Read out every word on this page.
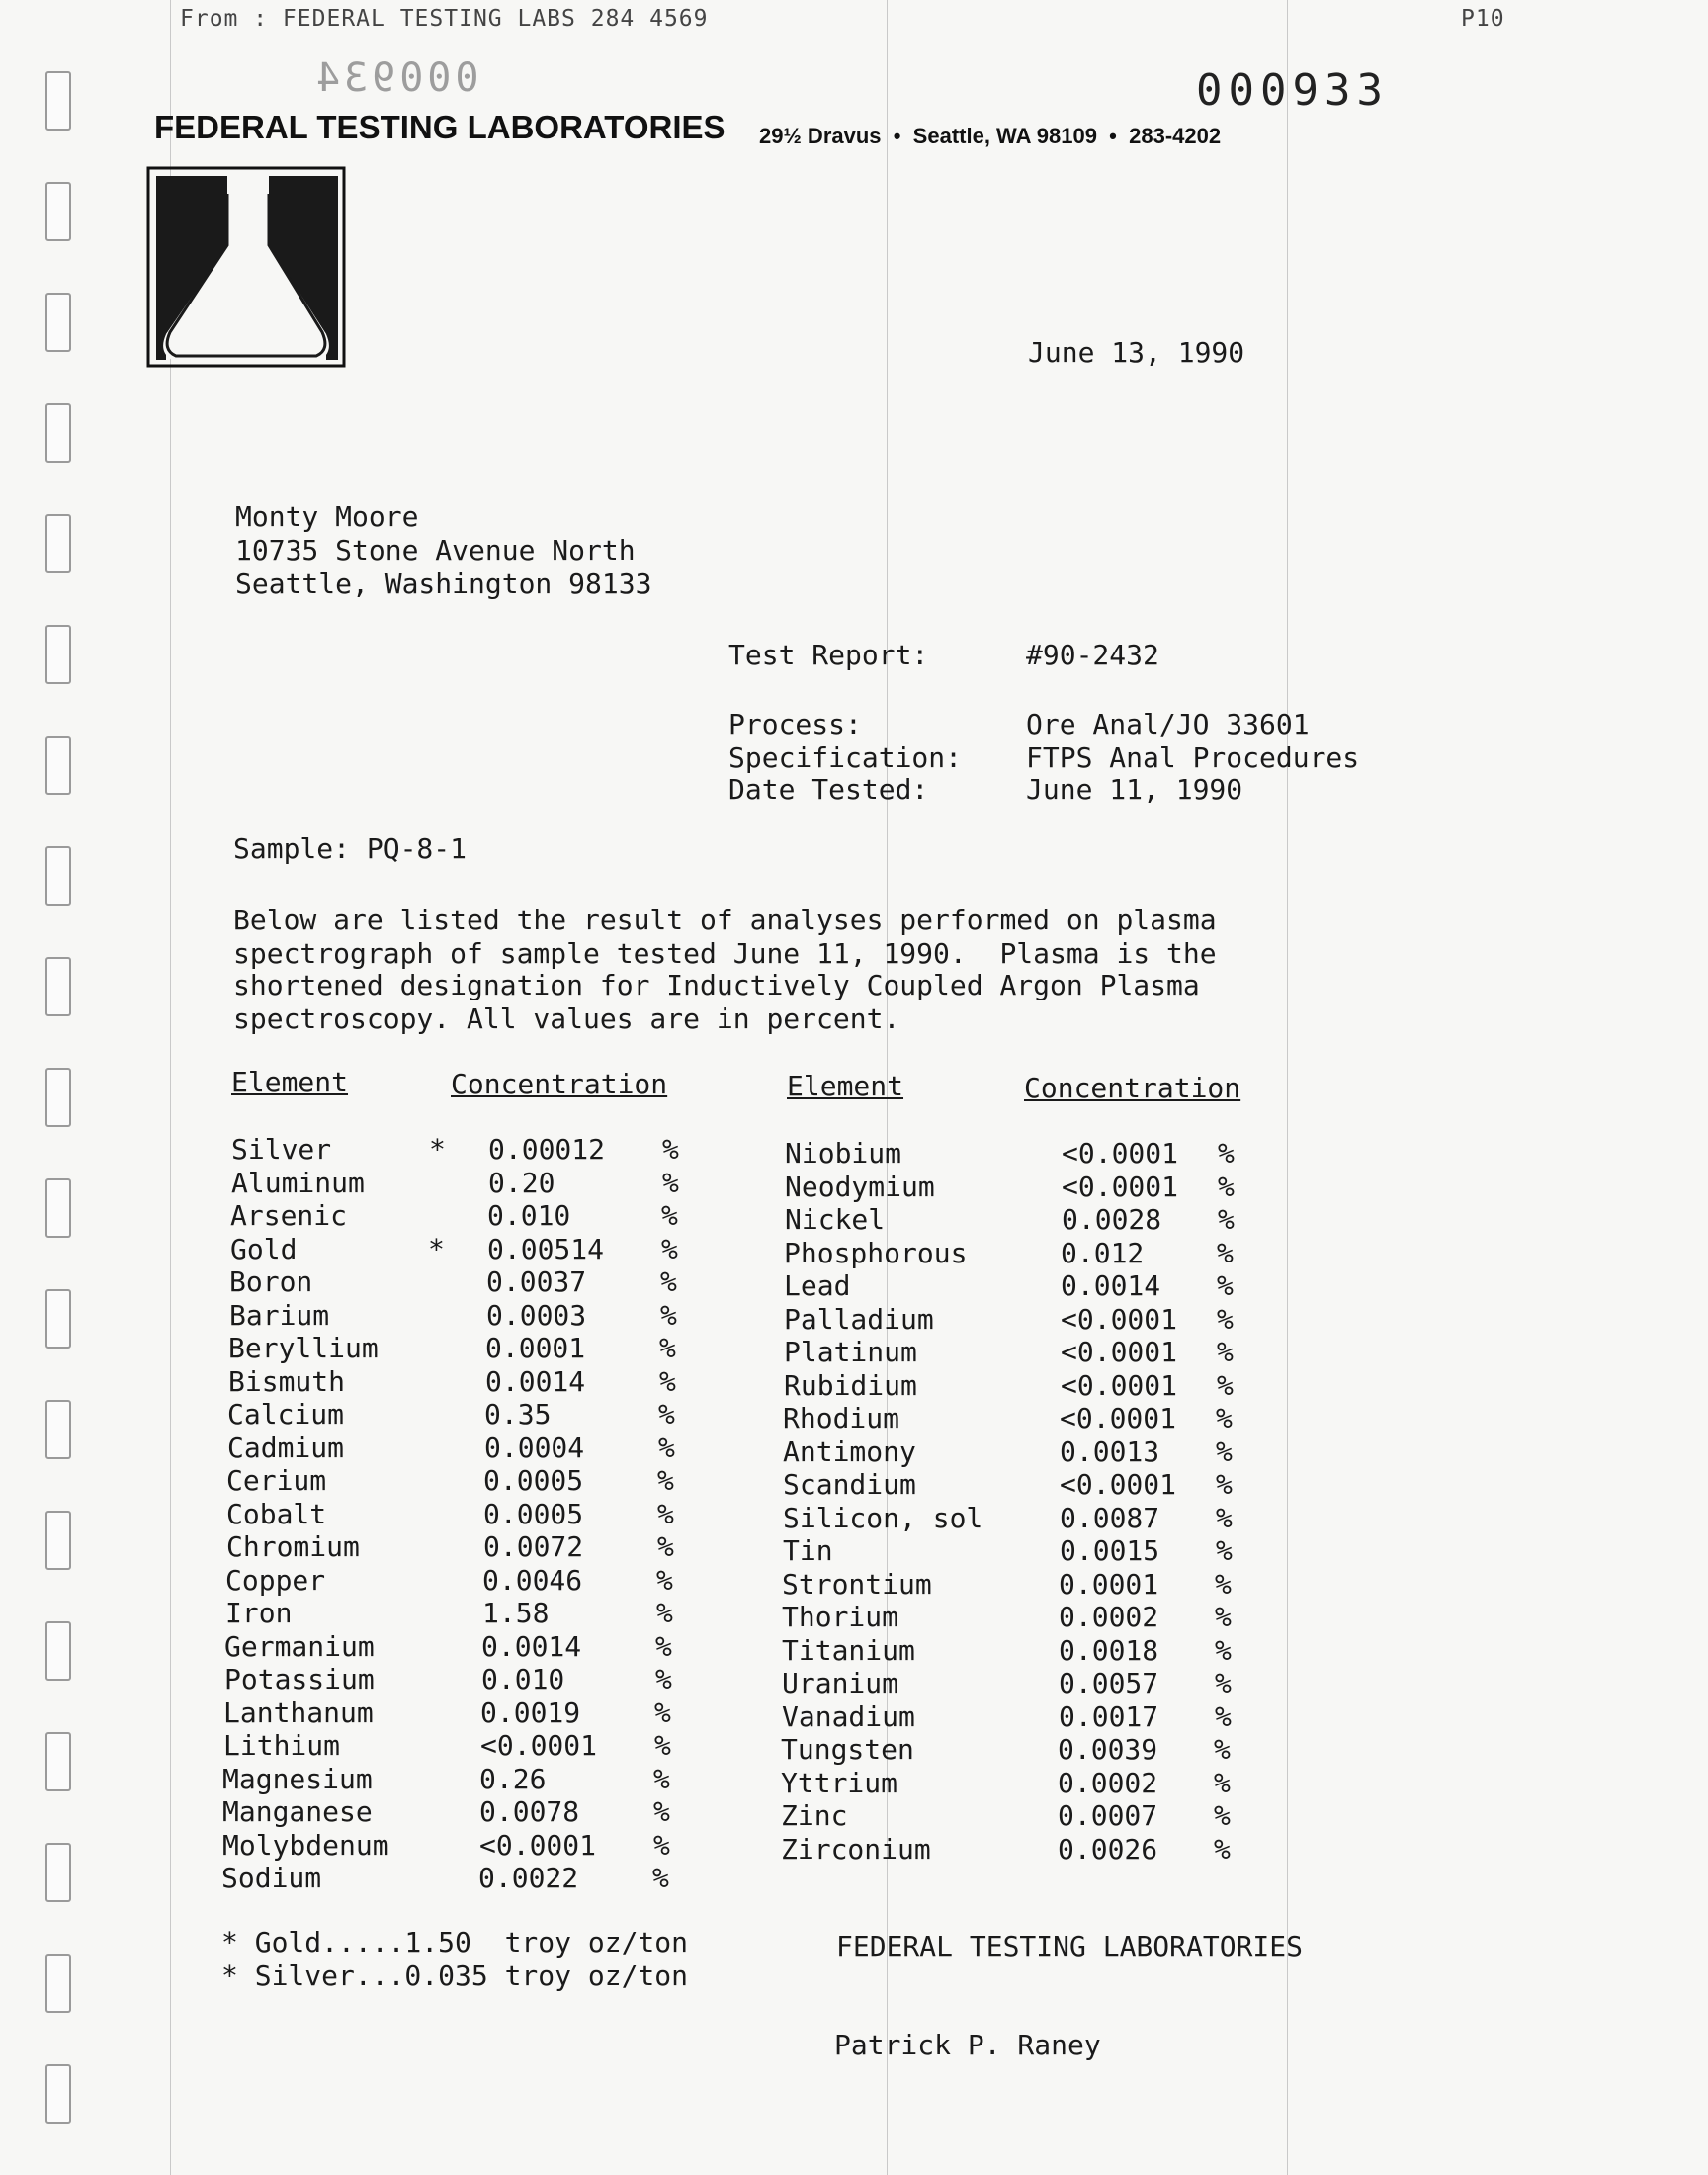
From : FEDERAL TESTING LABS 284 4569	P10
000934	000933
FEDERAL TESTING LABORATORIES 29½ Dravus  •  Seattle, WA 98109  •  283-4202
June 13, 1990
Monty Moore
10735 Stone Avenue North
Seattle, Washington 98133
Test Report:	#90-2432
Process:	Ore Anal/JO 33601
Specification: FTPS Anal Procedures
Date Tested:	June 11, 1990
Sample: PQ-8-1
Below are listed the result of analyses performed on plasma
spectrograph of sample tested June 11, 1990.  Plasma is the
shortened designation for Inductively Coupled Argon Plasma
spectroscopy. All values are in percent.
Element	Concentration	Element	Concentration
Silver	* 0.00012 %
Aluminum	0.20	%
Arsenic	0.010	%
Gold	* 0.00514 %
Boron	0.0037	%
Barium	0.0003	%
Beryllium	0.0001	%
Bismuth	0.0014	%
Calcium	0.35	%
Cadmium	0.0004	%
Cerium	0.0005	%
Cobalt	0.0005	%
Chromium	0.0072	%
Copper	0.0046	%
Iron	1.58	%
Germanium	0.0014	%
Potassium	0.010	%
Lanthanum	0.0019	%
Lithium	<0.0001 %
Magnesium	0.26	%
Manganese	0.0078	%
Molybdenum	<0.0001 %
Sodium	0.0022	%
Niobium	<0.0001 %
Neodymium	<0.0001 %
Nickel	0.0028 %
Phosphorous	0.012	%
Lead	0.0014 %
Palladium	<0.0001 %
Platinum	<0.0001 %
Rubidium	<0.0001 %
Rhodium	<0.0001 %
Antimony	0.0013 %
Scandium	<0.0001 %
Silicon, sol	0.0087 %
Tin	0.0015 %
Strontium	0.0001 %
Thorium	0.0002 %
Titanium	0.0018 %
Uranium	0.0057 %
Vanadium	0.0017 %
Tungsten	0.0039 %
Yttrium	0.0002 %
Zinc	0.0007 %
Zirconium	0.0026 %
* Gold.....1.50  troy oz/ton
* Silver...0.035 troy oz/ton
FEDERAL TESTING LABORATORIES
Patrick P. Raney
